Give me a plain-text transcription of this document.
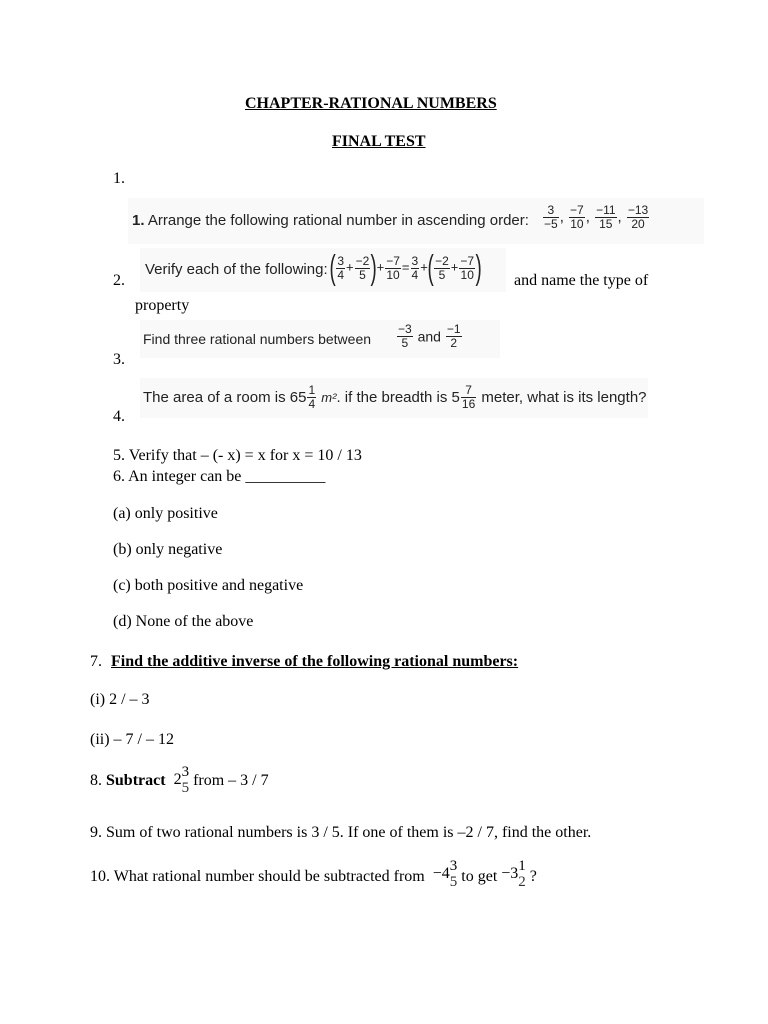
CHAPTER-RATIONAL NUMBERS
FINAL TEST
1.
1. Arrange the following rational number in ascending order: $\frac{3}{-5}$ , $\frac{-7}{10}$ , $\frac{-11}{15}$ , $\frac{-13}{20}$
2.
Verify each of the following: ( $\frac{3}{4} + \frac{-2}{5}$ )+ $\frac{-7}{10} = \frac{3}{4}$ +( $\frac{-2}{5} + \frac{-7}{10}$ ) and name the type of
property
3.
Find three rational numbers between $\frac{-3}{5}$ and $\frac{-1}{2}$
4.
The area of a room is $65 \frac{1}{4} m^2$. if the breadth is $5 \frac{7}{16}$ meter, what is its length?
5. Verify that – (- x) = x for x = 10 / 13
6. An integer can be __________
(a) only positive
(b) only negative
(c) both positive and negative
(d) None of the above
7. Find the additive inverse of the following rational numbers:
(i) 2 / – 3
(ii) – 7 / – 12
8. Subtract 2 3
5 from – 3 / 7
9. Sum of two rational numbers is 3 / 5. If one of them is –2 / 7, find the other.
10. What rational number should be subtracted from −4 3
5 to get −3 1
2 ?
